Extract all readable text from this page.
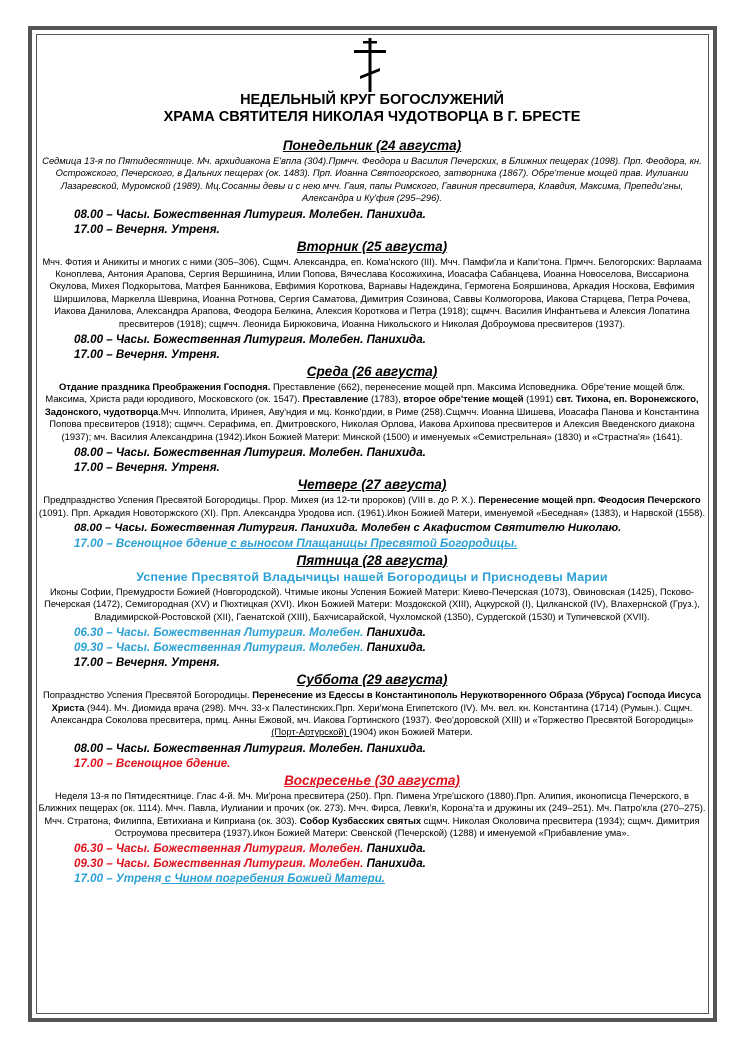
НЕДЕЛЬНЫЙ КРУГ БОГОСЛУЖЕНИЙ
ХРАМА СВЯТИТЕЛЯ НИКОЛАЯ ЧУДОТВОРЦА В Г. БРЕСТЕ
Понедельник (24 августа)
Седмица 13-я по Пятидесятнице. Мч. архидиакона Е'впла (304).Прмчч. Феодора и Василия Печерских, в Ближних пещерах (1098). Прп. Феодора, кн. Острожского, Печерского, в Дальних пещерах (ок. 1483). Прп. Иоанна Святогорского, затворника (1867). Обре'тение мощей прав. Иулиании Лазаревской, Муромской (1989). Мц.Сосанны девы и с нею мчч. Гаия, папы Римского, Гавиния пресвитера, Клавдия, Максима, Препеди'гны, Александра и Ку'фия (295–296).
08.00 – Часы. Божественная Литургия. Молебен. Панихида.
17.00 – Вечерня. Утреня.
Вторник (25 августа)
Мчч. Фотия и Аникиты и многих с ними (305–306). Сщмч. Александра, еп. Кома'нского (III). Мчч. Памфи'ла и Капи'тона. Прмчч. Белогорских: Варлаама Коноплева, Антония Арапова, Сергия Вершинина, Илии Попова, Вячеслава Косожихина, Иоасафа Сабанцева, Иоанна Новоселова, Виссариона Окулова, Михея Подкорытова, Матфея Банникова, Евфимия Короткова, Варнавы Надеждина, Гермогена Бояршинова, Аркадия Носкова, Евфимия Ширшилова, Маркелла Шеврина, Иоанна Ротнова, Сергия Саматова, Димитрия Созинова, Саввы Колмогорова, Иакова Старцева, Петра Рочева, Иакова Данилова, Александра Арапова, Феодора Белкина, Алексия Короткова и Петра (1918); сщмчч. Василия Инфантьева и Алексия Лопатина пресвитеров (1918); сщмчч. Леонида Бирюковича, Иоанна Никольского и Николая Доброумова пресвитеров (1937).
08.00 – Часы. Божественная Литургия. Молебен. Панихида.
17.00 – Вечерня. Утреня.
Среда (26 августа)
Отдание праздника Преображения Господня. Преставление (662), перенесение мощей прп. Максима Исповедника. Обре'тение мощей блж. Максима, Христа ради юродивого, Московского (ок. 1547). Преставление (1783), второе обре'тение мощей (1991) свт. Тихона, еп. Воронежского, Задонского, чудотворца.Мчч. Ипполита, Иринея, Аву'ндия и мц. Конко'рдии, в Риме (258).Сщмчч. Иоанна Шишева, Иоасафа Панова и Константина Попова пресвитеров (1918); сщмчч. Серафима, еп. Дмитровского, Николая Орлова, Иакова Архипова пресвитеров и Алексия Введенского диакона (1937); мч. Василия Александрина (1942).Икон Божией Матери: Минской (1500) и именуемых «Семистрельная» (1830) и «Страстна'я» (1641).
08.00 – Часы. Божественная Литургия. Молебен. Панихида.
17.00 – Вечерня. Утреня.
Четверг (27 августа)
Предпразднство Успения Пресвятой Богородицы. Прор. Михея (из 12-ти пророков) (VIII в. до Р. Х.). Перенесение мощей прп. Феодосия Печерского (1091). Прп. Аркадия Новоторжского (XI). Прп. Александра Уродова исп. (1961).Икон Божией Матери, именуемой «Беседная» (1383), и Нарвской (1558).
08.00 – Часы. Божественная Литургия. Панихида. Молебен с Акафистом Святителю Николаю.
17.00 – Всенощное бдение с выносом Плащаницы Пресвятой Богородицы.
Пятница (28 августа)
Успение Пресвятой Владычицы нашей Богородицы и Приснодевы Марии
Иконы Софии, Премудрости Божией (Новгородской). Чтимые иконы Успения Божией Матери: Киево-Печерская (1073), Овиновская (1425), Псково-Печерская (1472), Семигородная (XV) и Пюхтицкая (XVI). Икон Божией Матери: Моздокской (XIII), Ацкурской (I), Цилканской (IV), Влахернской (Груз.), Владимирской-Ростовской (XII), Гаенатской (XIII), Бахчисарайской, Чухломской (1350), Сурдегской (1530) и Тупичевской (XVII).
06.30 – Часы. Божественная Литургия. Молебен. Панихида.
09.30 – Часы. Божественная Литургия. Молебен. Панихида.
17.00 – Вечерня. Утреня.
Суббота (29 августа)
Попразднство Успения Пресвятой Богородицы. Перенесение из Едессы в Константинополь Нерукотворенного Образа (Убруса) Господа Иисуса Христа (944). Мч. Диомида врача (298). Мчч. 33-х Палестинских.Прп. Хери'мона Египетского (IV). Мч. вел. кн. Константина (1714) (Румын.). Сщмч. Александра Соколова пресвитера, прмц. Анны Ежовой, мч. Иакова Гортинского (1937). Фео'доровской (XIII) и «Торжество Пресвятой Богородицы» (Порт-Артурской) (1904) икон Божией Матери.
08.00 – Часы. Божественная Литургия. Молебен. Панихида.
17.00 – Всенощное бдение.
Воскресенье (30 августа)
Неделя 13-я по Пятидесятнице. Глас 4-й. Мч. Ми'рона пресвитера (250). Прп. Пимена Угре'шского (1880).Прп. Алипия, иконописца Печерского, в Ближних пещерах (ок. 1114). Мчч. Павла, Иулиании и прочих (ок. 273). Мчч. Фирса, Левки'я, Корона'та и дружины их (249–251). Мч. Патро'кла (270–275). Мчч. Стратона, Филиппа, Евтихиана и Киприана (ок. 303). Собор Кузбасских святых сщмч. Николая Околовича пресвитера (1934); сщмч. Димитрия Остроумова пресвитера (1937).Икон Божией Матери: Свенской (Печерской) (1288) и именуемой «Прибавление ума».
06.30 – Часы. Божественная Литургия. Молебен. Панихида.
09.30 – Часы. Божественная Литургия. Молебен. Панихида.
17.00 – Утреня с Чином погребения Божией Матери.
